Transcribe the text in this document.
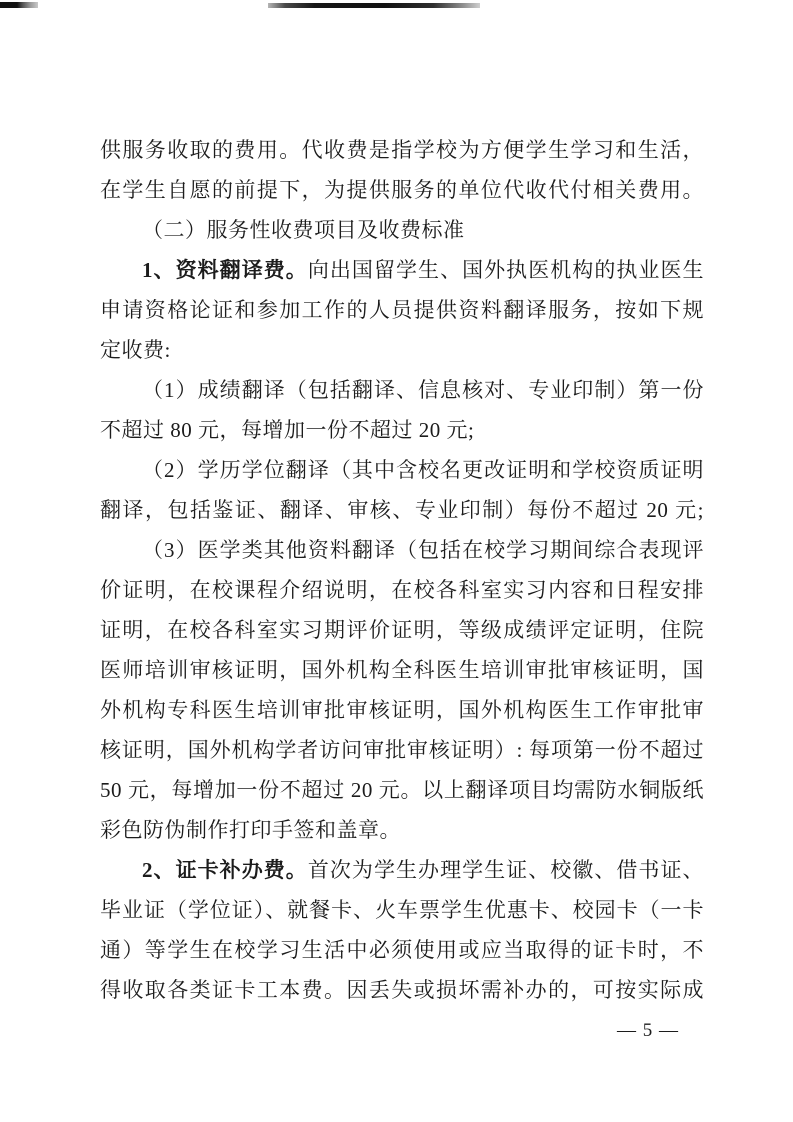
供服务收取的费用。代收费是指学校为方便学生学习和生活，
在学生自愿的前提下，为提供服务的单位代收代付相关费用。
（二）服务性收费项目及收费标准
1、资料翻译费。向出国留学生、国外执医机构的执业医生
申请资格论证和参加工作的人员提供资料翻译服务，按如下规
定收费:
（1）成绩翻译（包括翻译、信息核对、专业印制）第一份
不超过 80 元，每增加一份不超过 20 元;
（2）学历学位翻译（其中含校名更改证明和学校资质证明
翻译，包括鉴证、翻译、审核、专业印制）每份不超过 20 元;
（3）医学类其他资料翻译（包括在校学习期间综合表现评
价证明，在校课程介绍说明，在校各科室实习内容和日程安排
证明，在校各科室实习期评价证明，等级成绩评定证明，住院
医师培训审核证明，国外机构全科医生培训审批审核证明，国
外机构专科医生培训审批审核证明，国外机构医生工作审批审
核证明，国外机构学者访问审批审核证明）: 每项第一份不超过
50 元，每增加一份不超过 20 元。以上翻译项目均需防水铜版纸
彩色防伪制作打印手签和盖章。
2、证卡补办费。首次为学生办理学生证、校徽、借书证、
毕业证（学位证）、就餐卡、火车票学生优惠卡、校园卡（一卡
通）等学生在校学习生活中必须使用或应当取得的证卡时，不
得收取各类证卡工本费。因丢失或损坏需补办的，可按实际成
— 5 —
